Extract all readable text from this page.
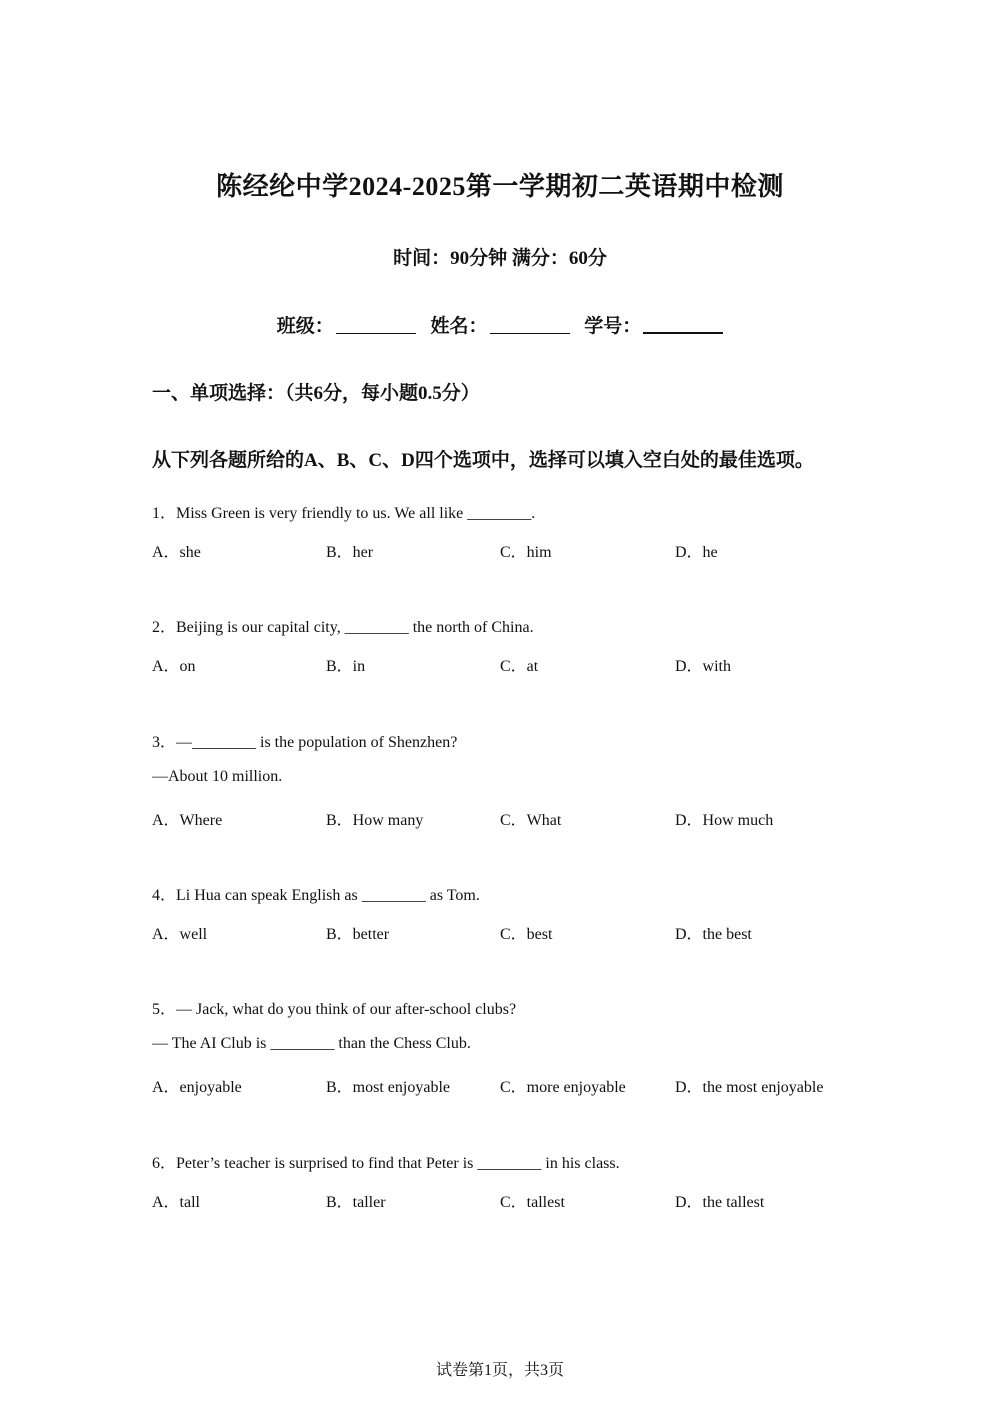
陈经纶中学2024-2025第一学期初二英语期中检测
时间：90分钟 满分：60分
班级：	姓名：	学号：
一、单项选择：（共6分，每小题0.5分）
从下列各题所给的A、B、C、D四个选项中，选择可以填入空白处的最佳选项。
1．Miss Green is very friendly to us. We all like ________.
A．she	B．her	C．him	D．he
2．Beijing is our capital city, ________ the north of China.
A．on	B．in	C．at	D．with
3．—________ is the population of Shenzhen?
—About 10 million.
A．Where	B．How many	C．What	D．How much
4．Li Hua can speak English as ________ as Tom.
A．well	B．better	C．best	D．the best
5．— Jack, what do you think of our after-school clubs?
— The AI Club is ________ than the Chess Club.
A．enjoyable	B．most enjoyable	C．more enjoyable	D．the most enjoyable
6．Peter’s teacher is surprised to find that Peter is ________ in his class.
A．tall	B．taller	C．tallest	D．the tallest
试卷第1页，共3页
